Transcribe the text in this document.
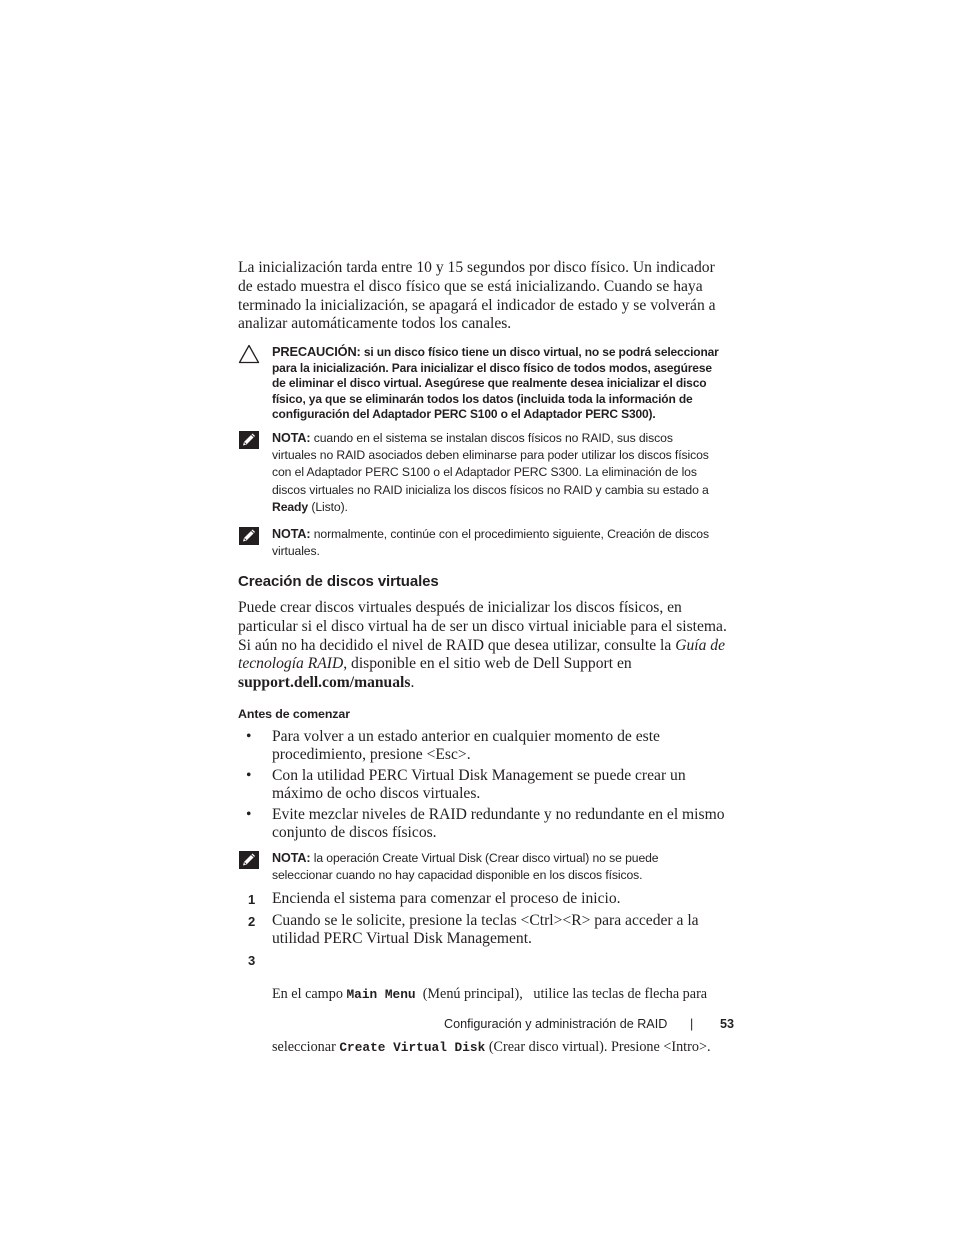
La inicialización tarda entre 10 y 15 segundos por disco físico. Un indicador
de estado muestra el disco físico que se está inicializando. Cuando se haya
terminado la inicialización, se apagará el indicador de estado y se volverán a
analizar automáticamente todos los canales.
PRECAUCIÓN: si un disco físico tiene un disco virtual, no se podrá seleccionar
para la inicialización. Para inicializar el disco físico de todos modos, asegúrese
de eliminar el disco virtual. Asegúrese que realmente desea inicializar el disco
físico, ya que se eliminarán todos los datos (incluida toda la información de
configuración del Adaptador PERC S100 o el Adaptador PERC S300).
NOTA: cuando en el sistema se instalan discos físicos no RAID, sus discos
virtuales no RAID asociados deben eliminarse para poder utilizar los discos físicos
con el Adaptador PERC S100 o el Adaptador PERC S300. La eliminación de los
discos virtuales no RAID inicializa los discos físicos no RAID y cambia su estado a
Ready (Listo).
NOTA: normalmente, continúe con el procedimiento siguiente, Creación de discos
virtuales.
Creación de discos virtuales
Puede crear discos virtuales después de inicializar los discos físicos, en
particular si el disco virtual ha de ser un disco virtual iniciable para el sistema.
Si aún no ha decidido el nivel de RAID que desea utilizar, consulte la Guía de
tecnología RAID, disponible en el sitio web de Dell Support en
support.dell.com/manuals.
Antes de comenzar
• Para volver a un estado anterior en cualquier momento de este
procedimiento, presione <Esc>.
• Con la utilidad PERC Virtual Disk Management se puede crear un
máximo de ocho discos virtuales.
• Evite mezclar niveles de RAID redundante y no redundante en el mismo
conjunto de discos físicos.
NOTA: la operación Create Virtual Disk (Crear disco virtual) no se puede
seleccionar cuando no hay capacidad disponible en los discos físicos.
1 Encienda el sistema para comenzar el proceso de inicio.
2 Cuando se le solicite, presione la teclas <Ctrl><R> para acceder a la
utilidad PERC Virtual Disk Management.
3

En el campo Main Menu  (Menú principal),   utilice las teclas de flecha para

seleccionar Create Virtual Disk (Crear disco virtual). Presione <Intro>.

Configuración y administración de RAID | 53
